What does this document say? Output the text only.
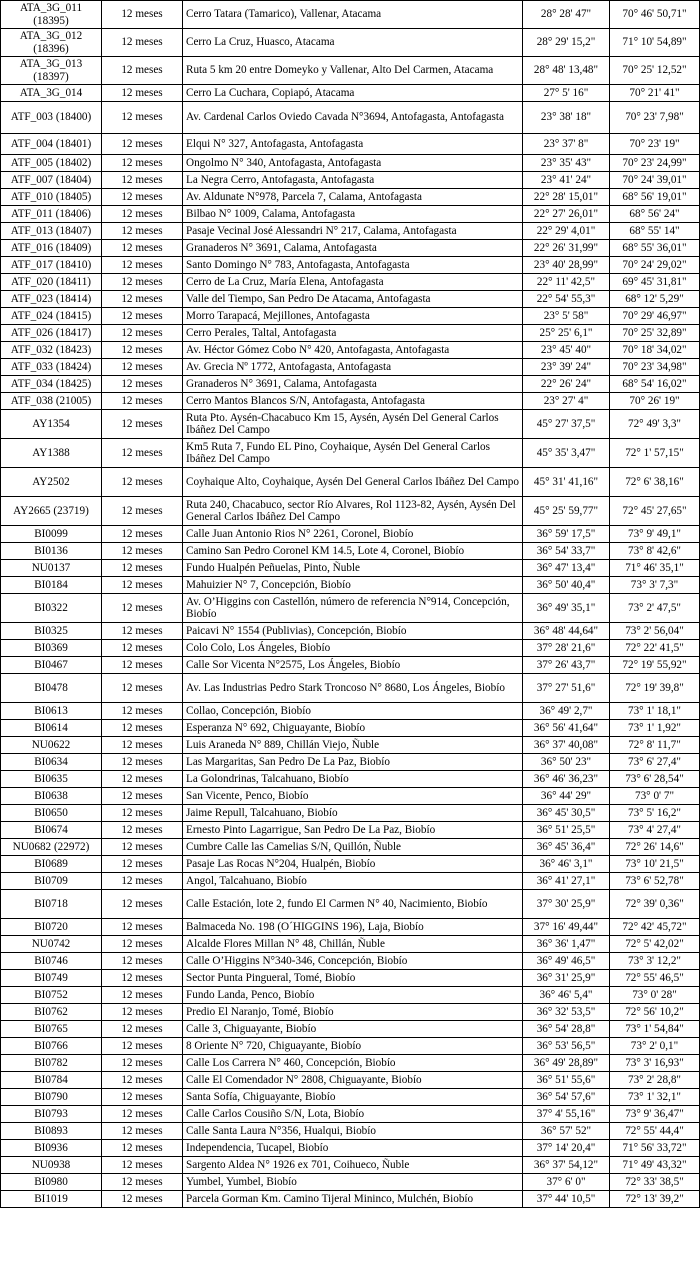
ATA_3G_011 (18395)	12 meses	Cerro Tatara (Tamarico), Vallenar, Atacama	28° 28' 47"	70° 46' 50,71"
ATA_3G_012 (18396)	12 meses	Cerro La Cruz, Huasco, Atacama	28° 29' 15,2"	71° 10' 54,89"
ATA_3G_013 (18397)	12 meses	Ruta 5 km 20 entre Domeyko y Vallenar, Alto Del Carmen, Atacama	28° 48' 13,48"	70° 25' 12,52"
ATA_3G_014	12 meses	Cerro La Cuchara, Copiapó, Atacama	27° 5' 16"	70° 21' 41"
ATF_003 (18400)	12 meses	Av. Cardenal Carlos Oviedo Cavada N°3694, Antofagasta, Antofagasta	23° 38' 18"	70° 23' 7,98"
ATF_004 (18401)	12 meses	Elqui N° 327, Antofagasta, Antofagasta	23° 37' 8"	70° 23' 19"
ATF_005 (18402)	12 meses	Ongolmo N° 340, Antofagasta, Antofagasta	23° 35' 43"	70° 23' 24,99"
ATF_007 (18404)	12 meses	La Negra Cerro, Antofagasta, Antofagasta	23° 41' 24"	70° 24' 39,01"
ATF_010 (18405)	12 meses	Av. Aldunate N°978, Parcela 7, Calama, Antofagasta	22° 28' 15,01"	68° 56' 19,01"
ATF_011 (18406)	12 meses	Bilbao N° 1009, Calama, Antofagasta	22° 27' 26,01"	68° 56' 24"
ATF_013 (18407)	12 meses	Pasaje Vecinal José Alessandri N° 217, Calama, Antofagasta	22° 29' 4,01"	68° 55' 14"
ATF_016 (18409)	12 meses	Granaderos N° 3691, Calama, Antofagasta	22° 26' 31,99"	68° 55' 36,01"
ATF_017 (18410)	12 meses	Santo Domingo N° 783, Antofagasta, Antofagasta	23° 40' 28,99"	70° 24' 29,02"
ATF_020 (18411)	12 meses	Cerro de La Cruz, María Elena, Antofagasta	22° 11' 42,5"	69° 45' 31,81"
ATF_023 (18414)	12 meses	Valle del Tiempo, San Pedro De Atacama, Antofagasta	22° 54' 55,3"	68° 12' 5,29"
ATF_024 (18415)	12 meses	Morro Tarapacá, Mejillones, Antofagasta	23° 5' 58"	70° 29' 46,97"
ATF_026 (18417)	12 meses	Cerro Perales, Taltal, Antofagasta	25° 25' 6,1"	70° 25' 32,89"
ATF_032 (18423)	12 meses	Av. Héctor Gómez Cobo N° 420, Antofagasta, Antofagasta	23° 45' 40"	70° 18' 34,02"
ATF_033 (18424)	12 meses	Av. Grecia Nº 1772, Antofagasta, Antofagasta	23° 39' 24"	70° 23' 34,98"
ATF_034 (18425)	12 meses	Granaderos N° 3691, Calama, Antofagasta	22° 26' 24"	68° 54' 16,02"
ATF_038 (21005)	12 meses	Cerro Mantos Blancos S/N, Antofagasta, Antofagasta	23° 27' 4"	70° 26' 19"
AY1354	12 meses	Ruta Pto. Aysén-Chacabuco Km 15, Aysén, Aysén Del General Carlos Ibáñez Del Campo	45° 27' 37,5"	72° 49' 3,3"
AY1388	12 meses	Km5 Ruta 7, Fundo EL Pino, Coyhaique, Aysén Del General Carlos Ibáñez Del Campo	45° 35' 3,47"	72° 1' 57,15"
AY2502	12 meses	Coyhaique Alto, Coyhaique, Aysén Del General Carlos Ibáñez Del Campo	45° 31' 41,16"	72° 6' 38,16"
AY2665 (23719)	12 meses	Ruta 240, Chacabuco, sector Río Alvares, Rol 1123-82, Aysén, Aysén Del General Carlos Ibáñez Del Campo	45° 25' 59,77"	72° 45' 27,65"
BI0099	12 meses	Calle Juan Antonio Rios N° 2261, Coronel, Biobío	36° 59' 17,5"	73° 9' 49,1"
BI0136	12 meses	Camino San Pedro Coronel KM 14.5, Lote 4, Coronel, Biobío	36° 54' 33,7"	73° 8' 42,6"
NU0137	12 meses	Fundo Hualpén Peñuelas, Pinto, Ñuble	36° 47' 13,4"	71° 46' 35,1"
BI0184	12 meses	Mahuizier N° 7, Concepción, Biobío	36° 50' 40,4"	73° 3' 7,3"
BI0322	12 meses	Av. O’Higgins con Castellón, número de referencia N°914, Concepción, Biobío	36° 49' 35,1"	73° 2' 47,5"
BI0325	12 meses	Paicavi N° 1554 (Publivias), Concepción, Biobío	36° 48' 44,64"	73° 2' 56,04"
BI0369	12 meses	Colo Colo, Los Ángeles, Biobío	37° 28' 21,6"	72° 22' 41,5"
BI0467	12 meses	Calle Sor Vicenta N°2575, Los Ángeles, Biobío	37° 26' 43,7"	72° 19' 55,92"
BI0478	12 meses	Av. Las Industrias Pedro Stark Troncoso N° 8680, Los Ángeles, Biobío	37° 27' 51,6"	72° 19' 39,8"
BI0613	12 meses	Collao, Concepción, Biobío	36° 49' 2,7"	73° 1' 18,1"
BI0614	12 meses	Esperanza N° 692, Chiguayante, Biobío	36° 56' 41,64"	73° 1' 1,92"
NU0622	12 meses	Luis Araneda N° 889, Chillán Viejo, Ñuble	36° 37' 40,08"	72° 8' 11,7"
BI0634	12 meses	Las Margaritas, San Pedro De La Paz, Biobío	36° 50' 23"	73° 6' 27,4"
BI0635	12 meses	La Golondrinas, Talcahuano, Biobío	36° 46' 36,23"	73° 6' 28,54"
BI0638	12 meses	San Vicente, Penco, Biobío	36° 44' 29"	73° 0' 7"
BI0650	12 meses	Jaime Repull, Talcahuano, Biobío	36° 45' 30,5"	73° 5' 16,2"
BI0674	12 meses	Ernesto Pinto Lagarrigue, San Pedro De La Paz, Biobío	36° 51' 25,5"	73° 4' 27,4"
NU0682 (22972)	12 meses	Cumbre Calle las Camelias S/N, Quillón, Ñuble	36° 45' 36,4"	72° 26' 14,6"
BI0689	12 meses	Pasaje Las Rocas N°204, Hualpén, Biobío	36° 46' 3,1"	73° 10' 21,5"
BI0709	12 meses	Angol, Talcahuano, Biobío	36° 41' 27,1"	73° 6' 52,78"
BI0718	12 meses	Calle Estación, lote 2, fundo El Carmen N° 40, Nacimiento, Biobío	37° 30' 25,9"	72° 39' 0,36"
BI0720	12 meses	Balmaceda No. 198 (O´HIGGINS 196), Laja, Biobío	37° 16' 49,44"	72° 42' 45,72"
NU0742	12 meses	Alcalde Flores Millan N° 48, Chillán, Ñuble	36° 36' 1,47"	72° 5' 42,02"
BI0746	12 meses	Calle O’Higgins N°340-346, Concepción, Biobío	36° 49' 46,5"	73° 3' 12,2"
BI0749	12 meses	Sector Punta Pingueral, Tomé, Biobío	36° 31' 25,9"	72° 55' 46,5"
BI0752	12 meses	Fundo Landa, Penco, Biobío	36° 46' 5,4"	73° 0' 28"
BI0762	12 meses	Predio El Naranjo, Tomé, Biobío	36° 32' 53,5"	72° 56' 10,2"
BI0765	12 meses	Calle 3, Chiguayante, Biobío	36° 54' 28,8"	73° 1' 54,84"
BI0766	12 meses	8 Oriente N° 720, Chiguayante, Biobío	36° 53' 56,5"	73° 2' 0,1"
BI0782	12 meses	Calle Los Carrera N° 460, Concepción, Biobío	36° 49' 28,89"	73° 3' 16,93"
BI0784	12 meses	Calle El Comendador N° 2808, Chiguayante, Biobío	36° 51' 55,6"	73° 2' 28,8"
BI0790	12 meses	Santa Sofía, Chiguayante, Biobío	36° 54' 57,6"	73° 1' 32,1"
BI0793	12 meses	Calle Carlos Cousiño S/N, Lota, Biobío	37° 4' 55,16"	73° 9' 36,47"
BI0893	12 meses	Calle Santa Laura N°356, Hualqui, Biobío	36° 57' 52"	72° 55' 44,4"
BI0936	12 meses	Independencia, Tucapel, Biobío	37° 14' 20,4"	71° 56' 33,72"
NU0938	12 meses	Sargento Aldea N° 1926 ex 701, Coihueco, Ñuble	36° 37' 54,12"	71° 49' 43,32"
BI0980	12 meses	Yumbel, Yumbel, Biobío	37° 6' 0"	72° 33' 38,5"
BI1019	12 meses	Parcela Gorman Km. Camino Tijeral Mininco, Mulchén, Biobío	37° 44' 10,5"	72° 13' 39,2"
